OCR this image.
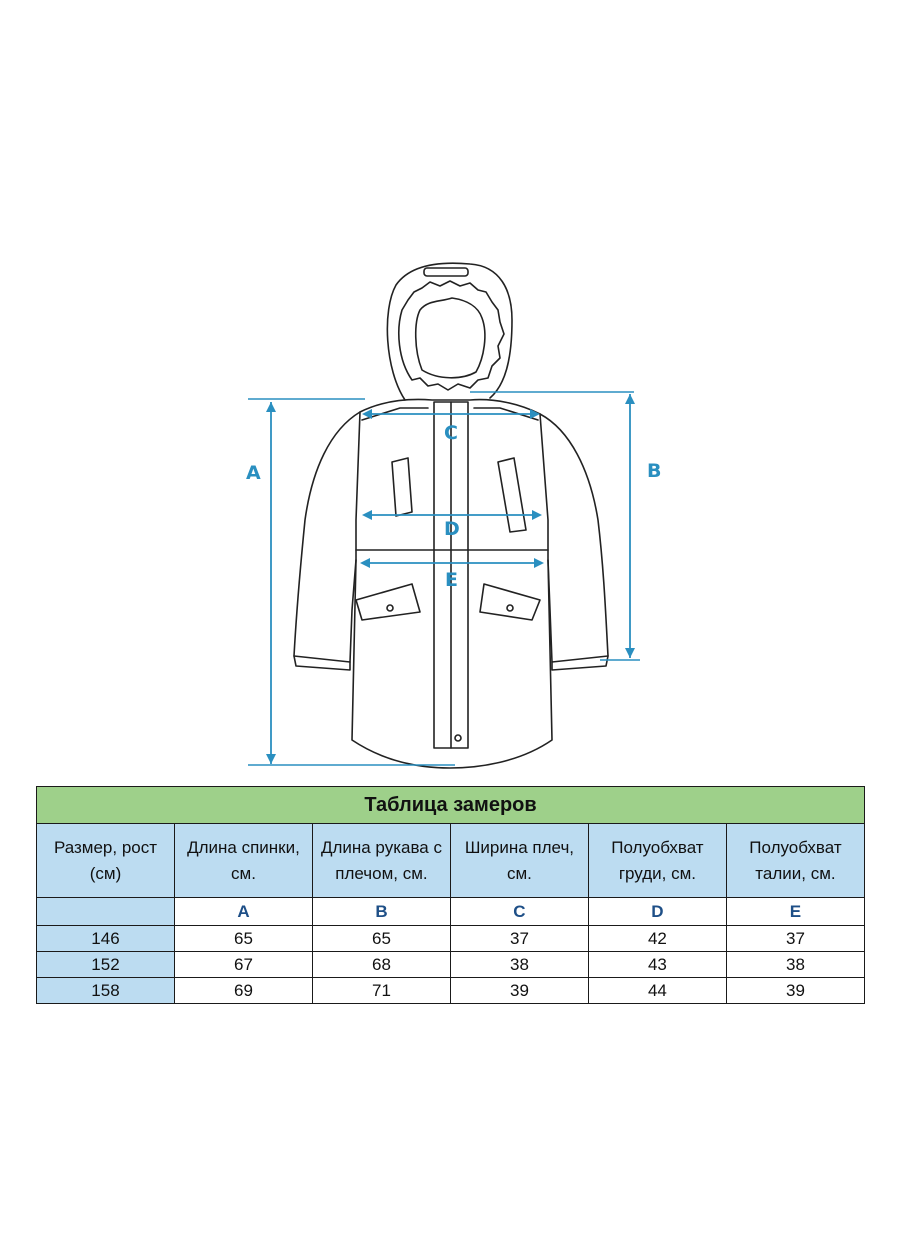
A	B
C
D
E
Таблица замеров					
Размер, рост (см)	Длина спинки, см.	Длина рукава с плечом, см.	Ширина плеч, см.	Полуобхват груди, см.	Полуобхват талии, см.
	A	B	C	D	E
146	65	65	37	42	37
152	67	68	38	43	38
158	69	71	39	44	39
